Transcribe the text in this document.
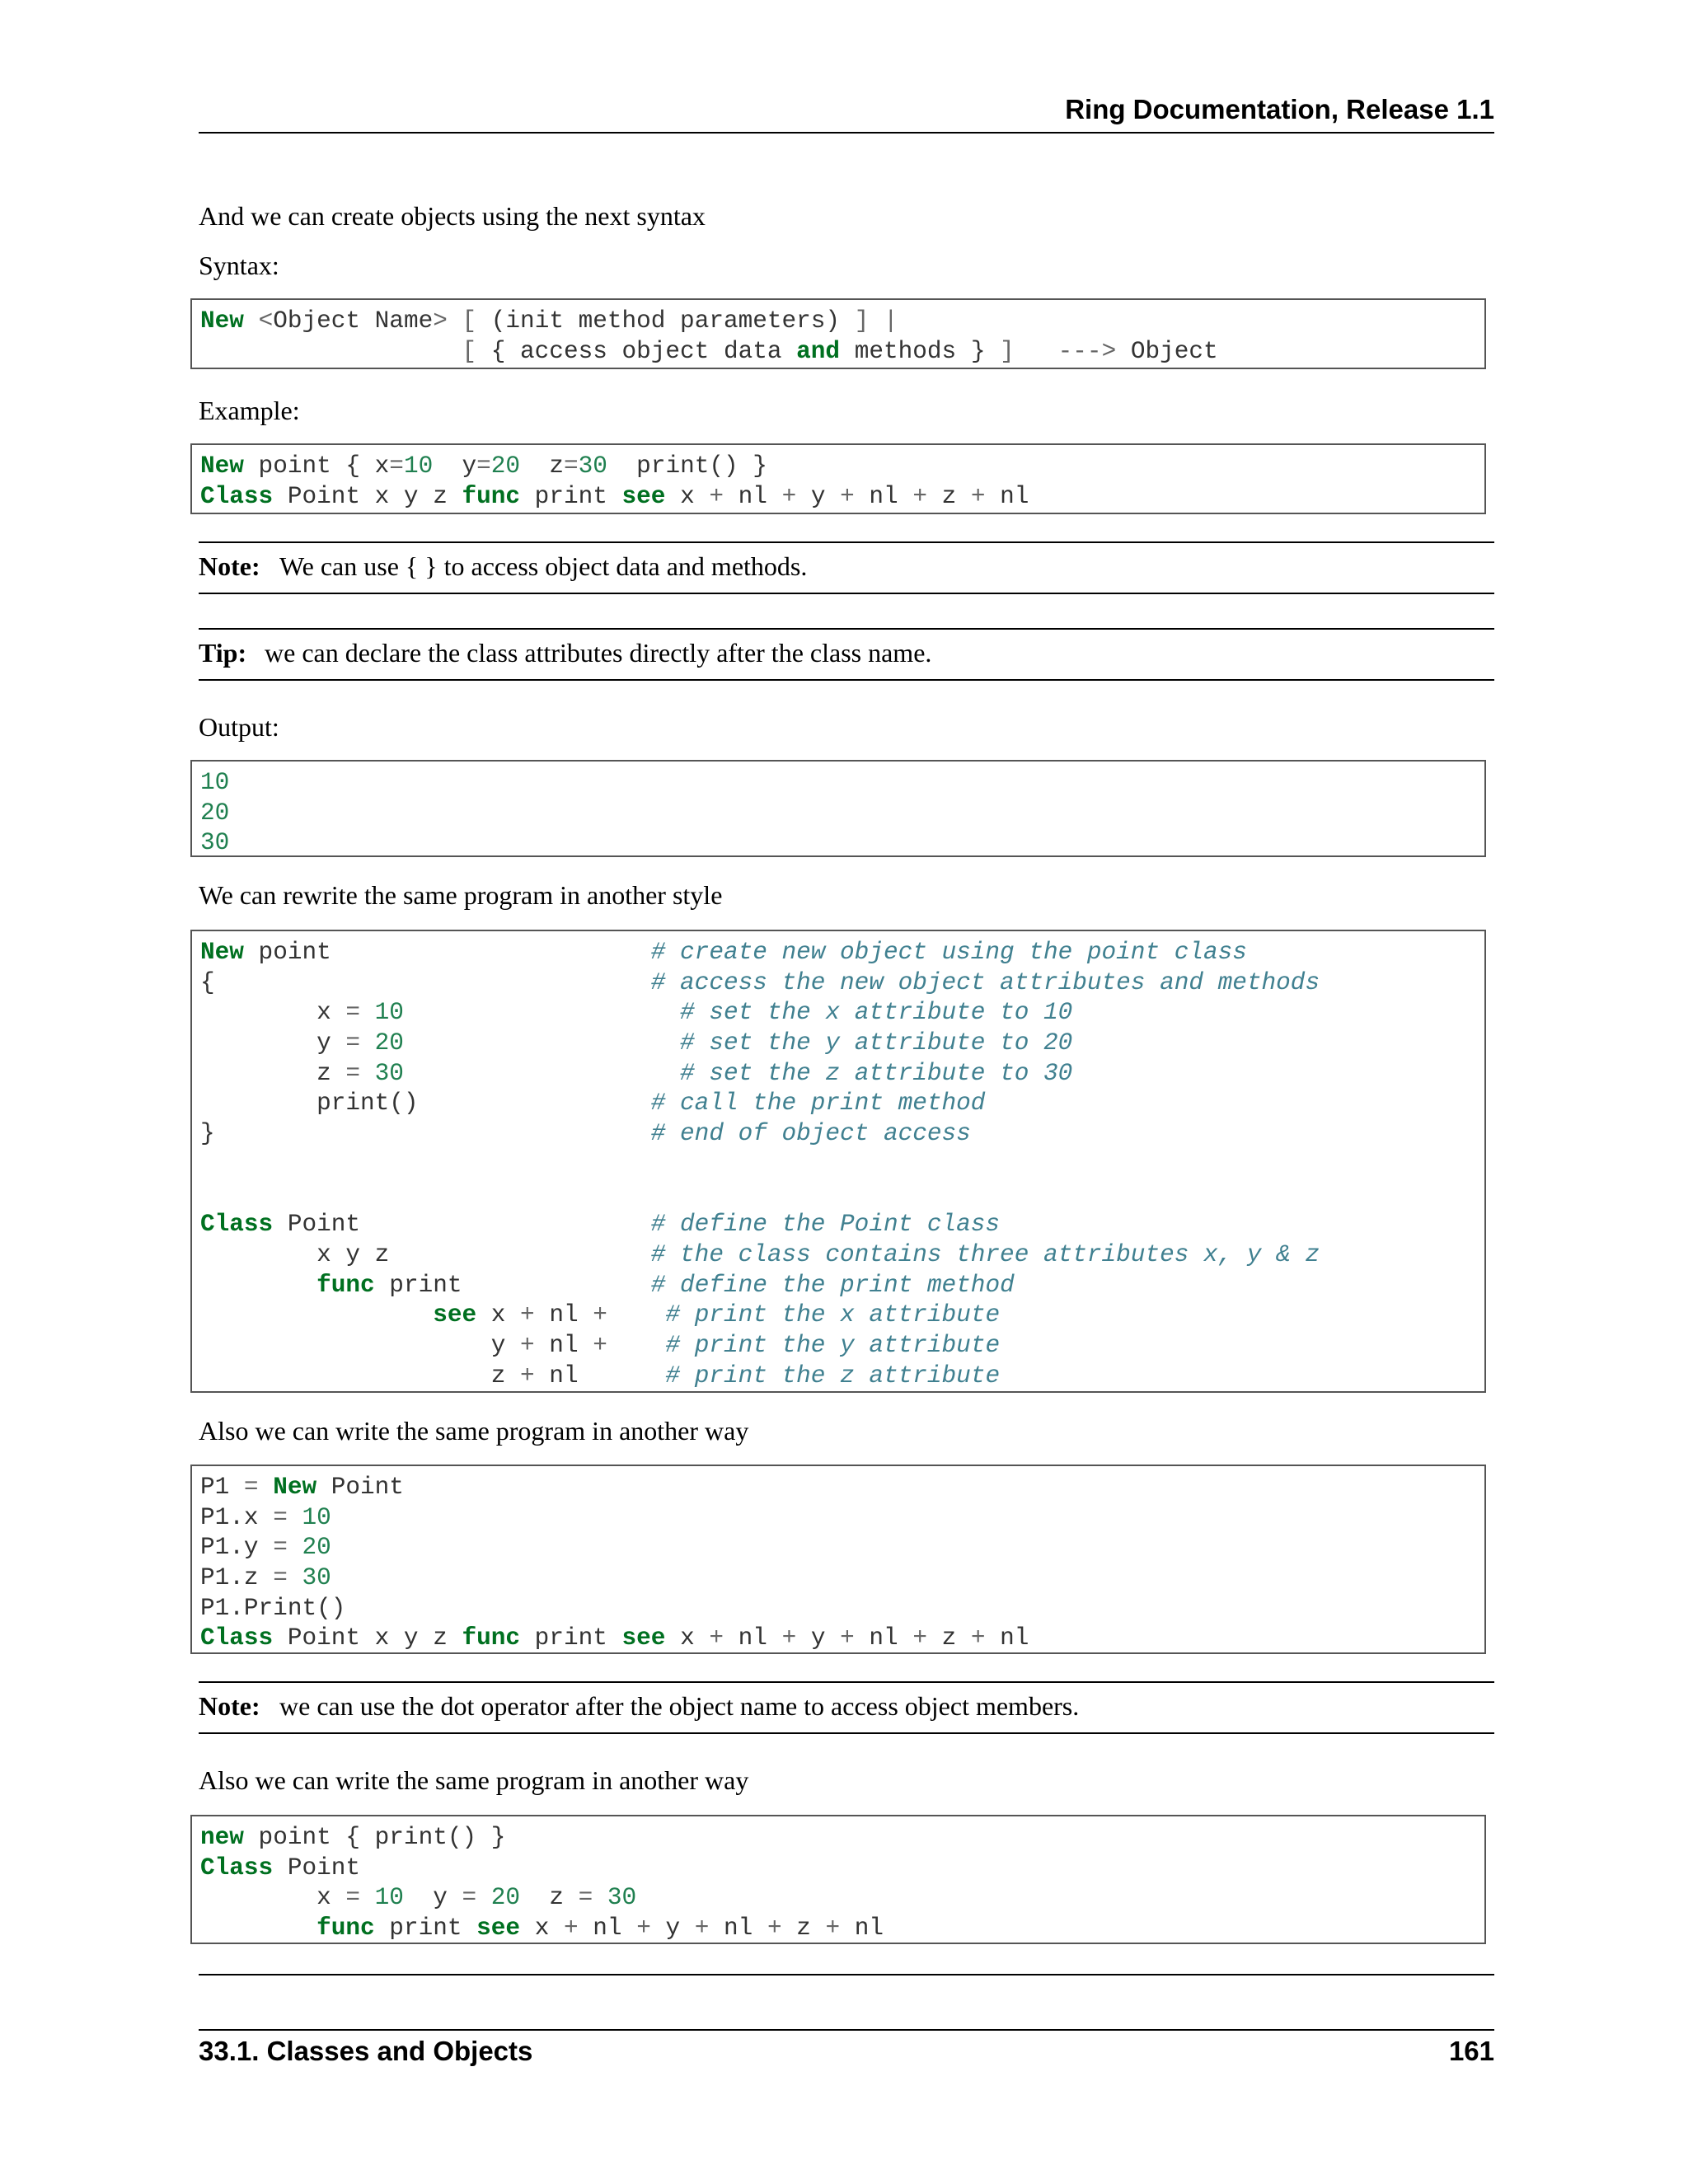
Ring Documentation, Release 1.1
And we can create objects using the next syntax
Syntax:
New <Object Name> [ (init method parameters) ] |
[ { access object data and methods } ] ---> Object
Example:
New point { x=10  y=20  z=30  print() }
Class Point x y z func print see x + nl + y + nl + z + nl
Note: We can use { } to access object data and methods.
Tip: we can declare the class attributes directly after the class name.
Output:
10
20
30
We can rewrite the same program in another style
New point                      # create new object using the point class
{                              # access the new object attributes and methods
x = 10	# set the x attribute to 10
y = 20	# set the y attribute to 20
z = 30	# set the z attribute to 30
print()                # call the print method
}                              # end of object access
Class Point                    # define the Point class
x y z                  # the class contains three attributes x, y & z
func print             # define the print method
see x + nl + # print the x attribute
y + nl + # print the y attribute
z + nl      # print the z attribute
Also we can write the same program in another way
P1 = New Point
P1.x = 10
P1.y = 20
P1.z = 30
P1.Print()
Class Point x y z func print see x + nl + y + nl + z + nl
Note: we can use the dot operator after the object name to access object members.
Also we can write the same program in another way
new point { print() }
Class Point
x = 10  y = 20  z = 30
func print see x + nl + y + nl + z + nl
33.1. Classes and Objects	161
